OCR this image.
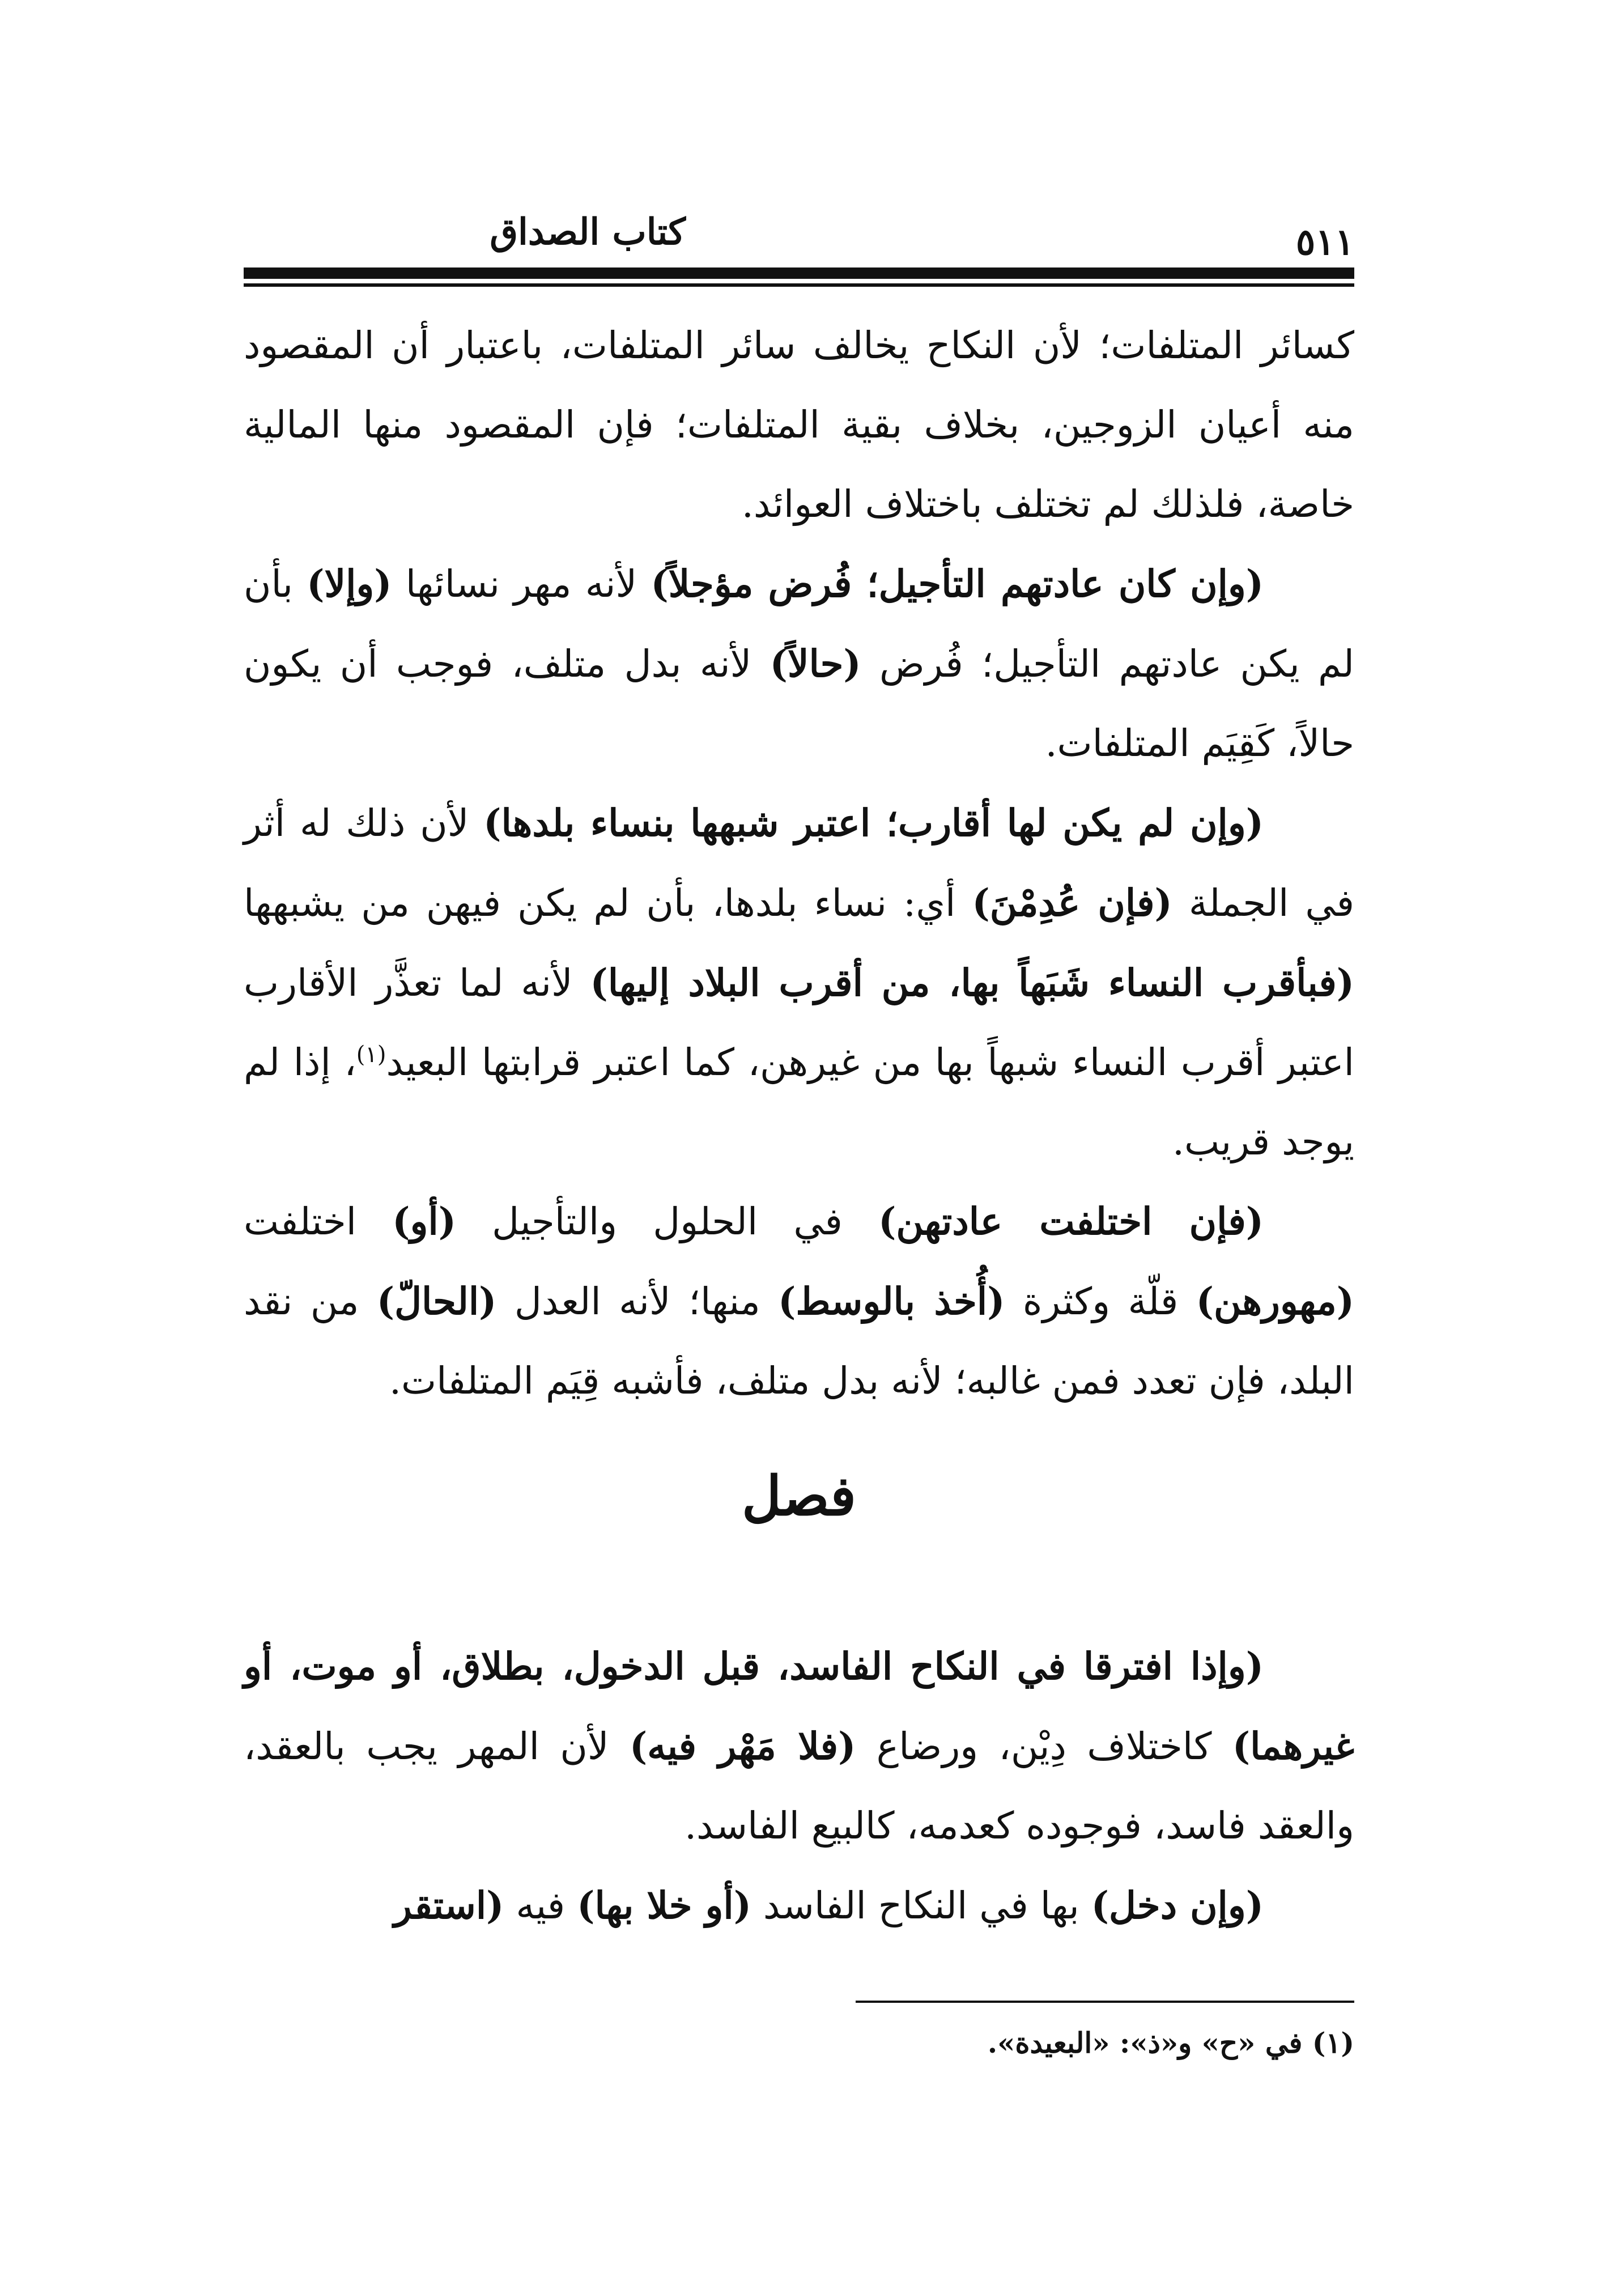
كتاب الصداق	٥١١

كسائر المتلفات؛ لأن النكاح يخالف سائر المتلفات، باعتبار أن المقصود منه أعيان الزوجين، بخلاف بقية المتلفات؛ فإن المقصود منها المالية خاصة، فلذلك لم تختلف باختلاف العوائد.

(وإن كان عادتهم التأجيل؛ فُرض مؤجلاً) لأنه مهر نسائها (وإلا) بأن لم يكن عادتهم التأجيل؛ فُرض (حالاً) لأنه بدل متلف، فوجب أن يكون حالاً، كَقِيَم المتلفات.

(وإن لم يكن لها أقارب؛ اعتبر شبهها بنساء بلدها) لأن ذلك له أثر في الجملة (فإن عُدِمْنَ) أي: نساء بلدها، بأن لم يكن فيهن من يشبهها (فبأقرب النساء شَبَهاً بها، من أقرب البلاد إليها) لأنه لما تعذَّر الأقارب اعتبر أقرب النساء شبهاً بها من غيرهن، كما اعتبر قرابتها البعيد$^{(١)}$، إذا لم يوجد قريب.

(فإن اختلفت عادتهن) في الحلول والتأجيل (أو) اختلفت (مهورهن) قلّة وكثرة (أُخذ بالوسط) منها؛ لأنه العدل (الحالّ) من نقد البلد، فإن تعدد فمن غالبه؛ لأنه بدل متلف، فأشبه قِيَم المتلفات.

فصل

(وإذا افترقا في النكاح الفاسد، قبل الدخول، بطلاق، أو موت، أو غيرهما) كاختلاف دِيْن، ورضاع (فلا مَهْر فيه) لأن المهر يجب بالعقد، والعقد فاسد، فوجوده كعدمه، كالبيع الفاسد.

(وإن دخل) بها في النكاح الفاسد (أو خلا بها) فيه (استقر

(١) في «ح» و«ذ»: «البعيدة».
